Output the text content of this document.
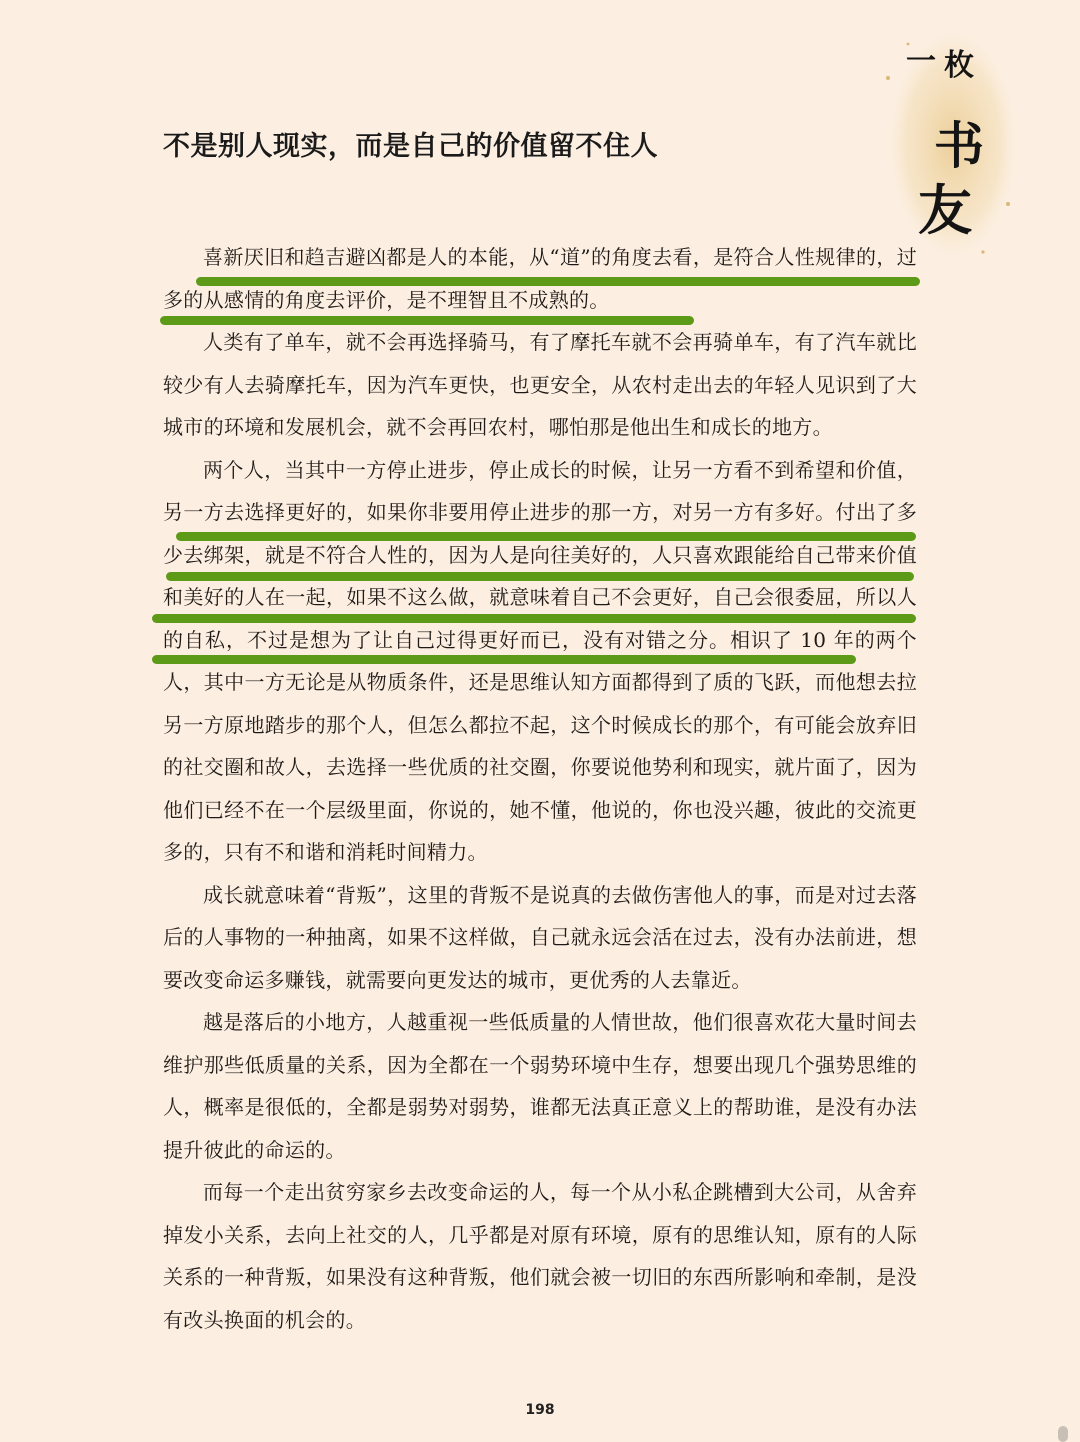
一 枚
书
友
不是别人现实，而是自己的价值留不住人

喜新厌旧和趋吉避凶都是人的本能，从“道”的角度去看，是符合人性规律的，过多的从感情的角度去评价，是不理智且不成熟的。

人类有了单车，就不会再选择骑马，有了摩托车就不会再骑单车，有了汽车就比较少有人去骑摩托车，因为汽车更快，也更安全，从农村走出去的年轻人见识到了大城市的环境和发展机会，就不会再回农村，哪怕那是他出生和成长的地方。

两个人，当其中一方停止进步，停止成长的时候，让另一方看不到希望和价值，另一方去选择更好的，如果你非要用停止进步的那一方，对另一方有多好。付出了多少去绑架，就是不符合人性的，因为人是向往美好的，人只喜欢跟能给自己带来价值和美好的人在一起，如果不这么做，就意味着自己不会更好，自己会很委屈，所以人的自私，不过是想为了让自己过得更好而已，没有对错之分。相识了 10 年的两个人，其中一方无论是从物质条件，还是思维认知方面都得到了质的飞跃，而他想去拉另一方原地踏步的那个人，但怎么都拉不起，这个时候成长的那个，有可能会放弃旧的社交圈和故人，去选择一些优质的社交圈，你要说他势利和现实，就片面了，因为他们已经不在一个层级里面，你说的，她不懂，他说的，你也没兴趣，彼此的交流更多的，只有不和谐和消耗时间精力。

成长就意味着“背叛”，这里的背叛不是说真的去做伤害他人的事，而是对过去落后的人事物的一种抽离，如果不这样做，自己就永远会活在过去，没有办法前进，想要改变命运多赚钱，就需要向更发达的城市，更优秀的人去靠近。

越是落后的小地方，人越重视一些低质量的人情世故，他们很喜欢花大量时间去维护那些低质量的关系，因为全都在一个弱势环境中生存，想要出现几个强势思维的人，概率是很低的，全都是弱势对弱势，谁都无法真正意义上的帮助谁，是没有办法提升彼此的命运的。

而每一个走出贫穷家乡去改变命运的人，每一个从小私企跳槽到大公司，从舍弃掉发小关系，去向上社交的人，几乎都是对原有环境，原有的思维认知，原有的人际关系的一种背叛，如果没有这种背叛，他们就会被一切旧的东西所影响和牵制，是没有改头换面的机会的。

198
